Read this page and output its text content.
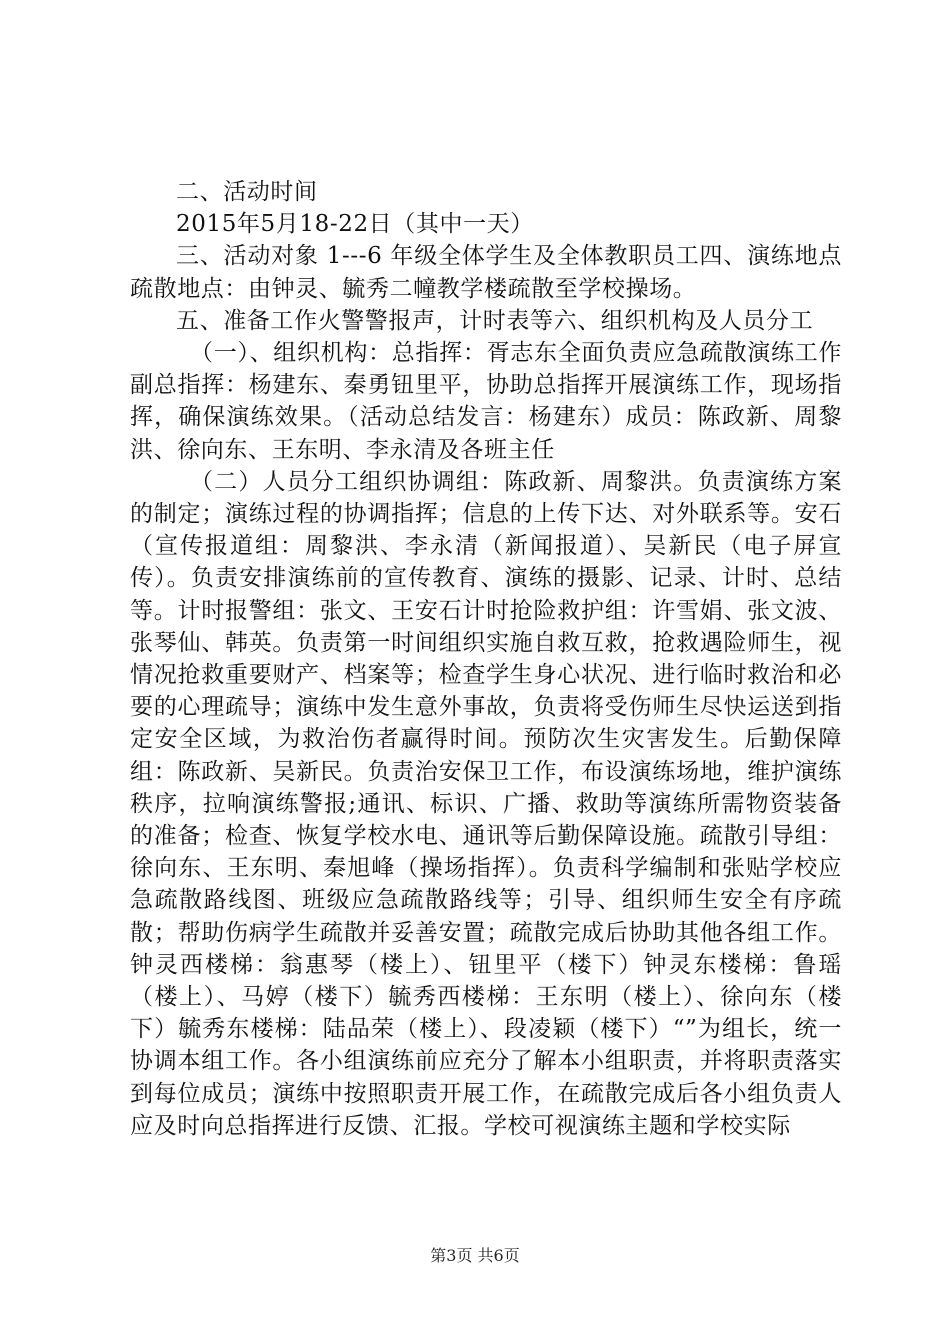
二、活动时间

2015年5月18-22日（其中一天）

三、活动对象 1---6 年级全体学生及全体教职员工四、演练地点疏散地点：由钟灵、毓秀二幢教学楼疏散至学校操场。

五、准备工作火警警报声，计时表等六、组织机构及人员分工

（一）、组织机构：总指挥：胥志东全面负责应急疏散演练工作副总指挥：杨建东、秦勇钮里平，协助总指挥开展演练工作，现场指挥，确保演练效果。（活动总结发言：杨建东）成员：陈政新、周黎洪、徐向东、王东明、李永清及各班主任

（二）人员分工组织协调组：陈政新、周黎洪。负责演练方案的制定；演练过程的协调指挥；信息的上传下达、对外联系等。安石（宣传报道组：周黎洪、李永清（新闻报道）、吴新民（电子屏宣传）。负责安排演练前的宣传教育、演练的摄影、记录、计时、总结等。计时报警组：张文、王安石计时抢险救护组：许雪娟、张文波、张琴仙、韩英。负责第一时间组织实施自救互救，抢救遇险师生，视情况抢救重要财产、档案等；检查学生身心状况、进行临时救治和必要的心理疏导；演练中发生意外事故，负责将受伤师生尽快运送到指定安全区域，为救治伤者赢得时间。预防次生灾害发生。后勤保障组：陈政新、吴新民。负责治安保卫工作，布设演练场地，维护演练秩序，拉响演练警报;通讯、标识、广播、救助等演练所需物资装备的准备；检查、恢复学校水电、通讯等后勤保障设施。疏散引导组：徐向东、王东明、秦旭峰（操场指挥）。负责科学编制和张贴学校应急疏散路线图、班级应急疏散路线等；引导、组织师生安全有序疏散；帮助伤病学生疏散并妥善安置；疏散完成后协助其他各组工作。钟灵西楼梯：翁惠琴（楼上）、钮里平（楼下）钟灵东楼梯：鲁瑶（楼上）、马婷（楼下）毓秀西楼梯：王东明（楼上）、徐向东（楼下）毓秀东楼梯：陆品荣（楼上）、段凌颖（楼下）“”为组长，统一协调本组工作。各小组演练前应充分了解本小组职责，并将职责落实到每位成员；演练中按照职责开展工作，在疏散完成后各小组负责人应及时向总指挥进行反馈、汇报。学校可视演练主题和学校实际

第3页 共6页
